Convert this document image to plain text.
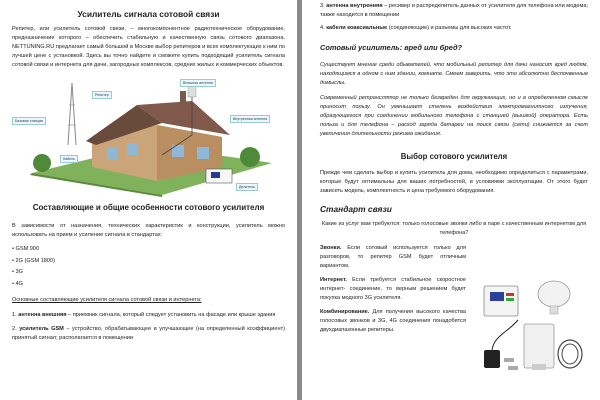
Усилитель сигнала сотовой связи

Репитер, или усилитель сотовой связи, – многокомпонентное радиотехническое оборудование, предназначение которого – обеспечить стабильную и качественную связь сотового диапазона. NETTUNING.RU предлагает самый большой в Москве выбор репитеров и всех комплектующих к ним по лучшей цене с установкой. Здесь вы точно найдете и сможете купить подходящий усилитель сигнала сотовой связи и интернета для дачи, загородных комплексов, средних жилых и коммерческих объектов.

Внешняя антенна
Репитер
Базовая станция	Внутренняя антенна
Кабель
Делитель

Составляющие и общие особенности сотового усилителя

В зависимости от назначения, технических характеристик и конструкции, усилитель можно использовать на прием и усиление сигнала в стандартах:

• GSM 900
• 2G (GSM 1800)
• 3G
• 4G

Основные составляющие усилителя сигнала сотовой связи и интернета:

1. антенна внешняя – приемник сигнала, который следует установить на фасаде или крыше здания

2. усилитель GSM – устройство, обрабатывающее и улучшающее (на определенный коэффициент) принятый сигнал; располагается в помещении

3. антенна внутренняя – ресивер и распределитель данных от усилителя для телефона или модема; также находится в помещении

4. кабели коаксиальные (соединяющие) и разъемы для высоких частот.

Сотовый усилитель: вред или бред?

Существует мнение среди обывателей, что мобильный репитер для дачи наносит вред людям, находящимся в одном с ним здании, комнате. Смеем заверить, что это абсолютно беспочвенные домыслы.

Современный ретранслятор не только безвреден для окружающих, но и в определенном смысле приносит пользу. Он уменьшает степень воздействия электромагнитного излучения, образующегося при соединении мобильного телефона с станцией (вышкой) оператора. Есть польза и для телефона – расход заряда батареи на поиск связи (сети) снижается за счет увеличения длительности режима ожидания.

Выбор сотового усилителя

Прежде чем сделать выбор и купить усилитель для дома, необходимо определиться с параметрами, которые будут оптимальны для ваших потребностей, и условиями эксплуатации. От этого будет зависеть модель, комплектность и цена требуемого оборудования.

Стандарт связи

Какие из услуг вам требуются: только голосовые звонки либо в паре с качественным интернетом для телефона?

Звонки. Если сотовый используется только для разговоров, то репитер GSM будет отличным вариантом.

Интернет. Если требуется стабильное скоростное интернет- соединение, то верным решением будет покупка модного 3G усилителя.

Комбинирование. Для получения высокого качества голосовых звонков и 3G, 4G соединения понадобятся двухдиапазонные репитеры.
